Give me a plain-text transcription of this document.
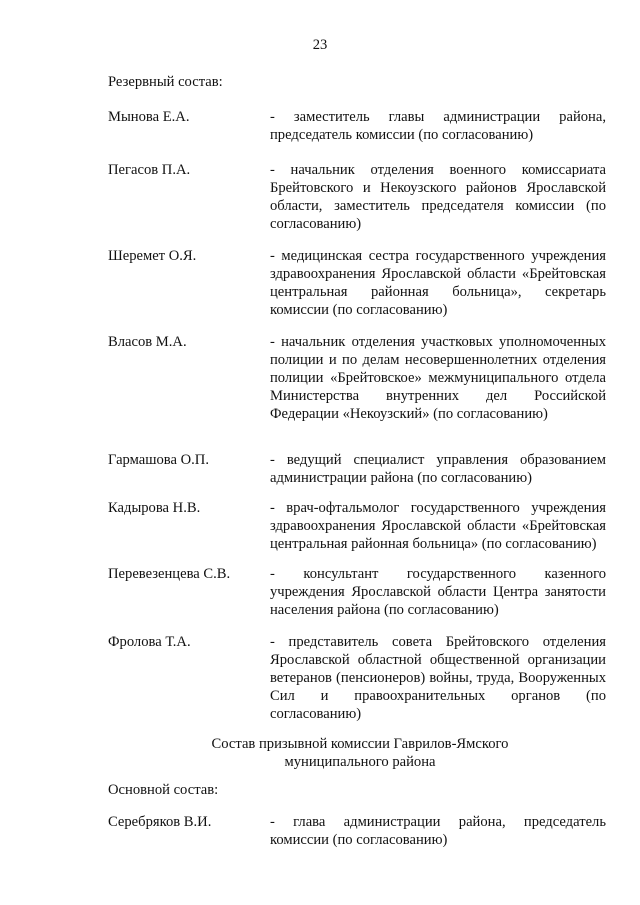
23
Резервный состав:
Мынова Е.А.	- заместитель главы администрации района, председатель комиссии (по согласованию)
Пегасов П.А.	- начальник отделения военного комиссариата Брейтовского и Некоузского районов Ярославской области, заместитель председателя комиссии (по согласованию)
Шеремет О.Я.	- медицинская сестра государственного учреждения здравоохранения Ярославской области «Брейтовская центральная районная больница», секретарь комиссии (по согласованию)
Власов М.А.	- начальник отделения участковых уполномоченных полиции и по делам несовершеннолетних отделения полиции «Брейтовское» межмуниципального отдела Министерства внутренних дел Российской Федерации «Некоузский» (по согласованию)
Гармашова О.П.	- ведущий специалист управления образованием администрации района (по согласованию)
Кадырова Н.В.	- врач-офтальмолог государственного учреждения здравоохранения Ярославской области «Брейтовская центральная районная больница» (по согласованию)
Перевезенцева С.В.	- консультант государственного казенного учреждения Ярославской области Центра занятости населения района (по согласованию)
Фролова Т.А.	- представитель совета Брейтовского отделения Ярославской областной общественной организации ветеранов (пенсионеров) войны, труда, Вооруженных Сил и правоохранительных органов (по согласованию)
Состав призывной комиссии Гаврилов-Ямского
муниципального района
Основной состав:
Серебряков В.И.	- глава администрации района, председатель комиссии (по согласованию)
